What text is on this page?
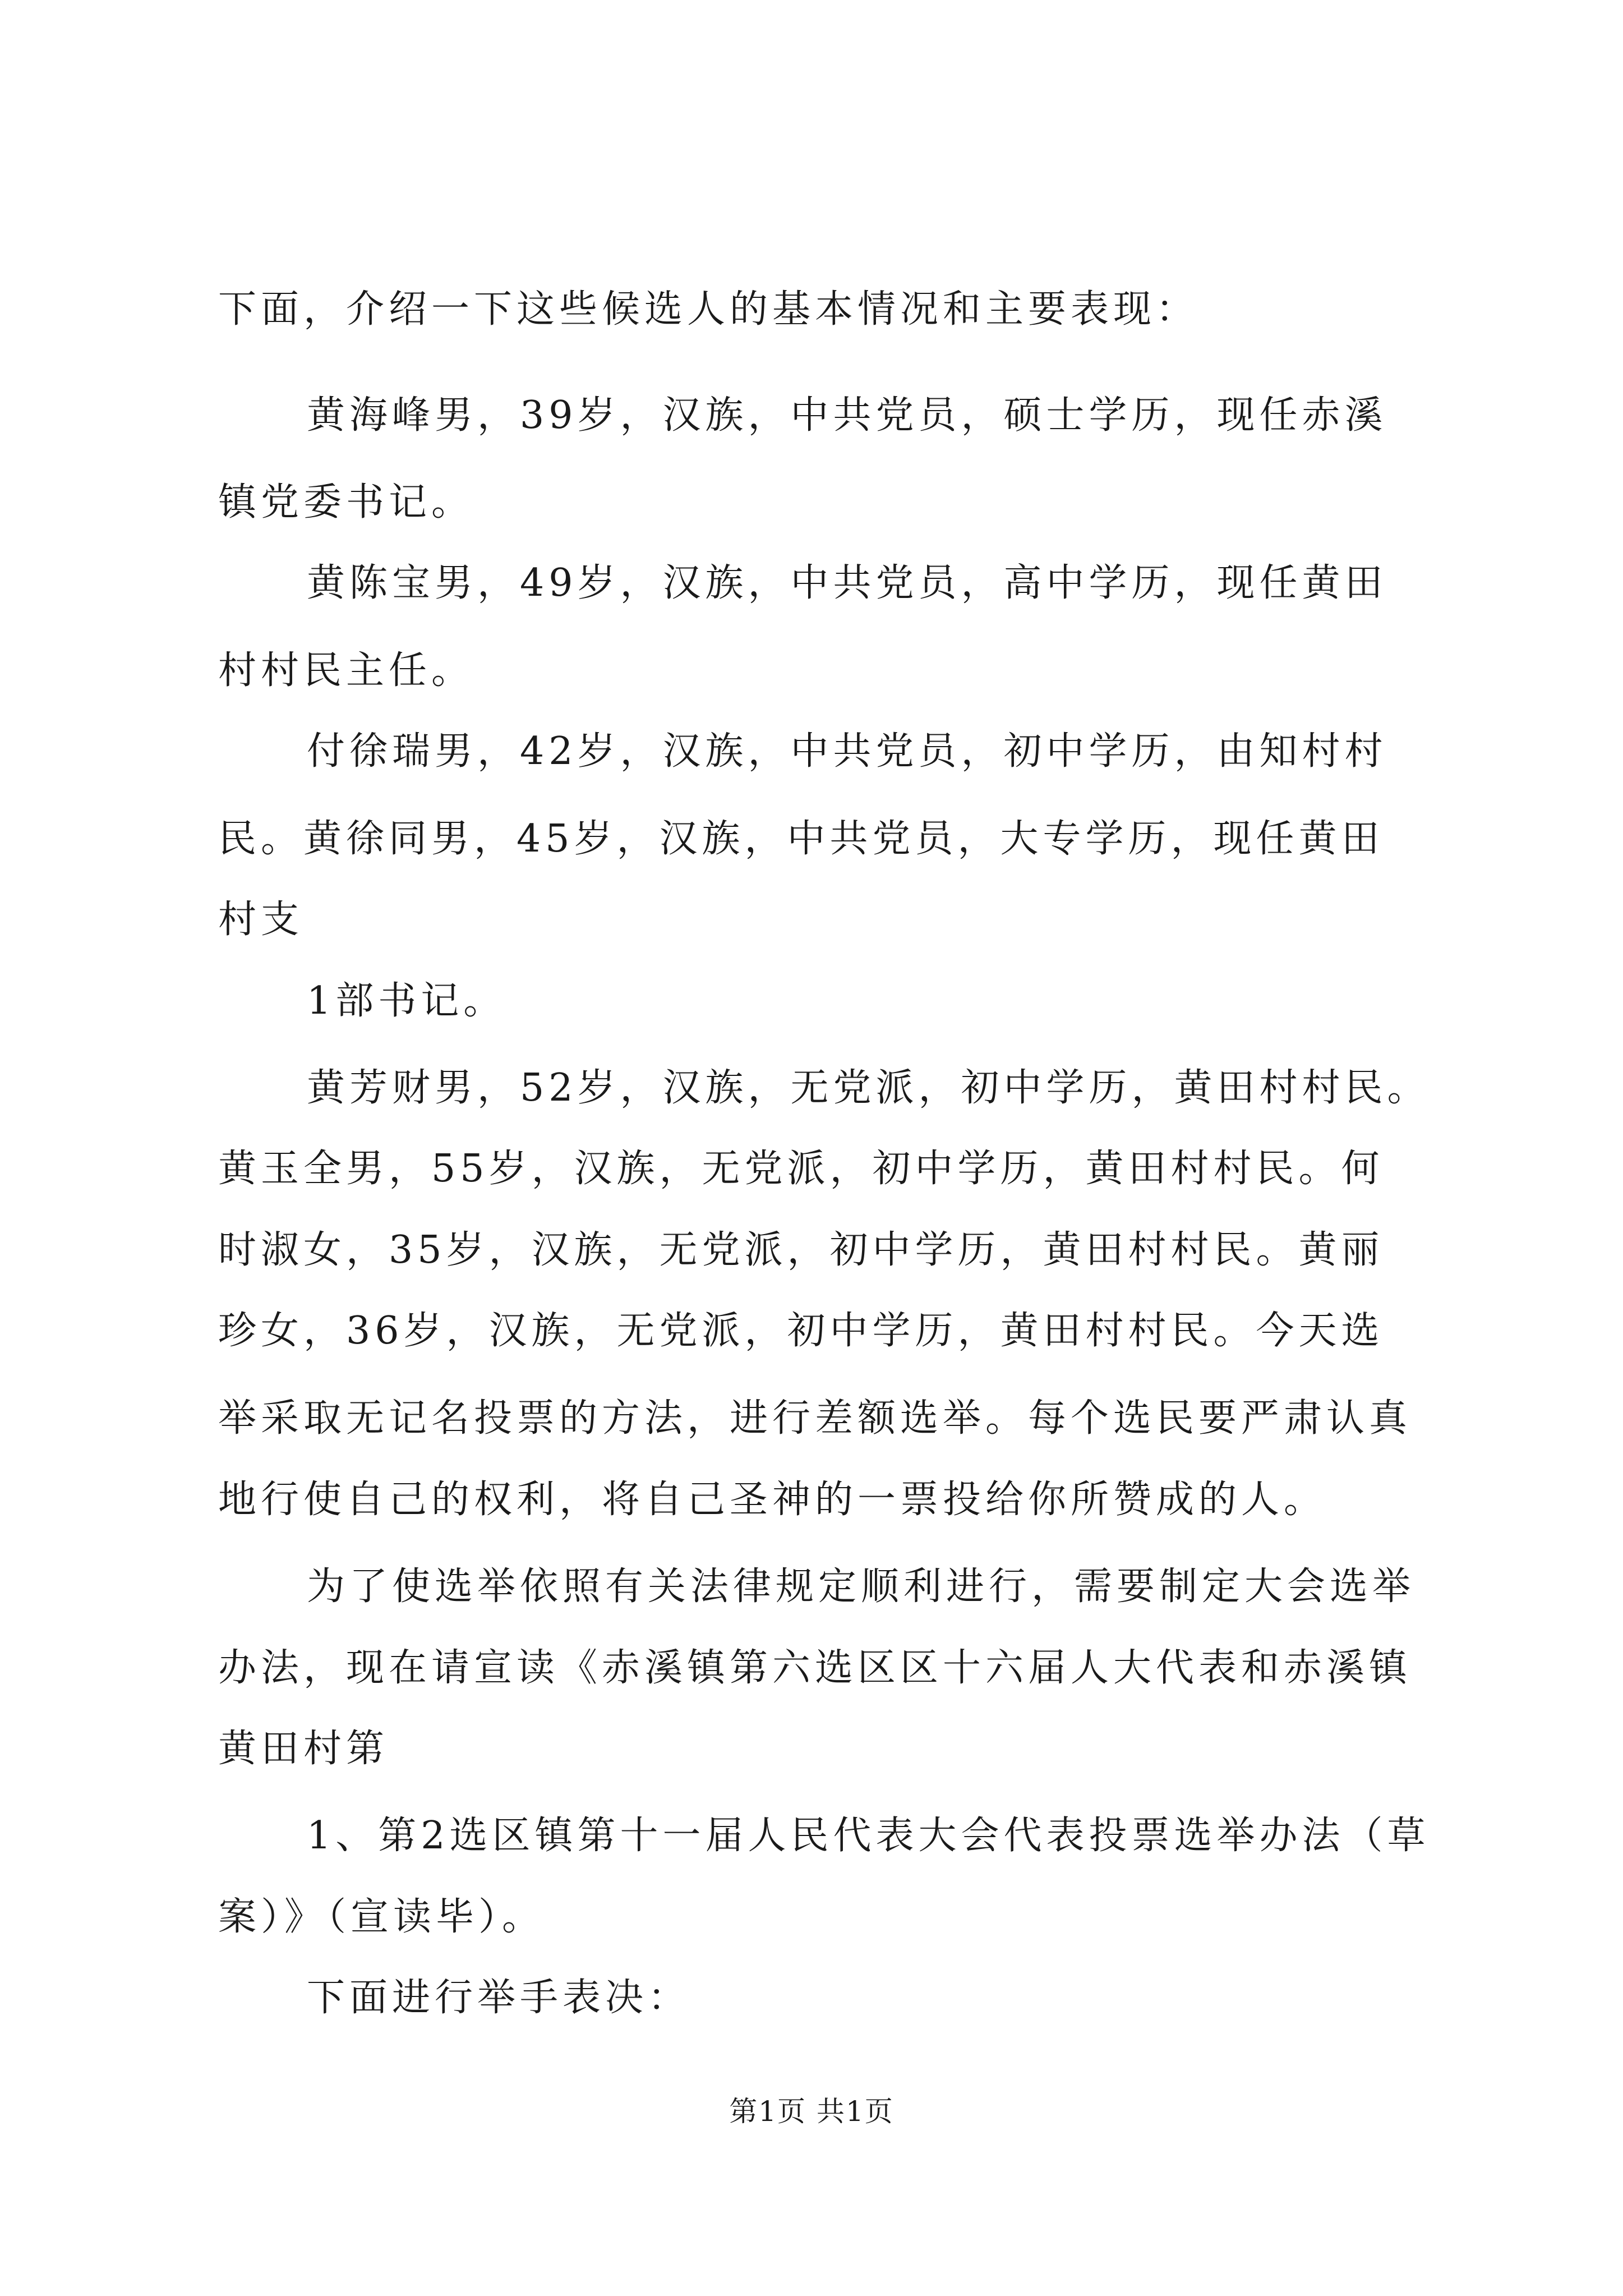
下面，介绍一下这些候选人的基本情况和主要表现：
黄海峰男，39岁，汉族，中共党员，硕士学历，现任赤溪
镇党委书记。
黄陈宝男，49岁，汉族，中共党员，高中学历，现任黄田
村村民主任。
付徐瑞男，42岁，汉族，中共党员，初中学历，由知村村
民。黄徐同男，45岁，汉族，中共党员，大专学历，现任黄田
村支
1部书记。
黄芳财男，52岁，汉族，无党派，初中学历，黄田村村民。
黄玉全男，55岁，汉族，无党派，初中学历，黄田村村民。何
时淑女，35岁，汉族，无党派，初中学历，黄田村村民。黄丽
珍女，36岁，汉族，无党派，初中学历，黄田村村民。今天选
举采取无记名投票的方法，进行差额选举。每个选民要严肃认真
地行使自己的权利，将自己圣神的一票投给你所赞成的人。
为了使选举依照有关法律规定顺利进行，需要制定大会选举
办法，现在请宣读《赤溪镇第六选区区十六届人大代表和赤溪镇
黄田村第
1、第2选区镇第十一届人民代表大会代表投票选举办法（草
案）》（宣读毕）。
下面进行举手表决：
第1页 共1页
